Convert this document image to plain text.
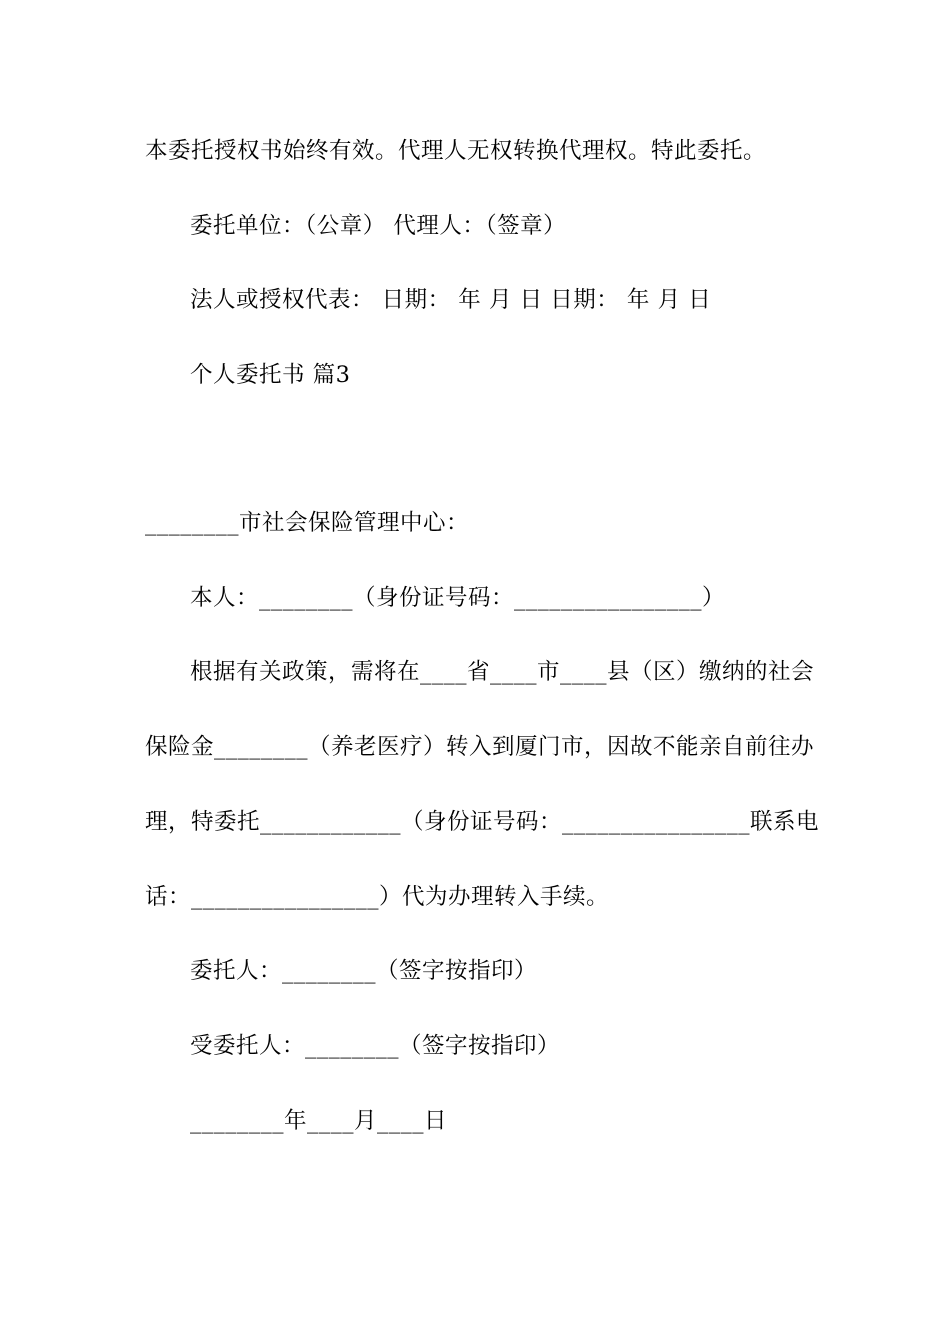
本委托授权书始终有效。代理人无权转换代理权。特此委托。
委托单位：（公章） 代理人：（签章）
法人或授权代表： 日期： 年 月 日 日期： 年 月 日
个人委托书 篇3
________市社会保险管理中心：
本人：________（身份证号码：________________）
根据有关政策，需将在____省____市____县（区）缴纳的社会
保险金________（养老医疗）转入到厦门市，因故不能亲自前往办
理，特委托____________（身份证号码：________________联系电
话：________________）代为办理转入手续。
委托人：________（签字按指印）
受委托人：________（签字按指印）
________年____月____日
